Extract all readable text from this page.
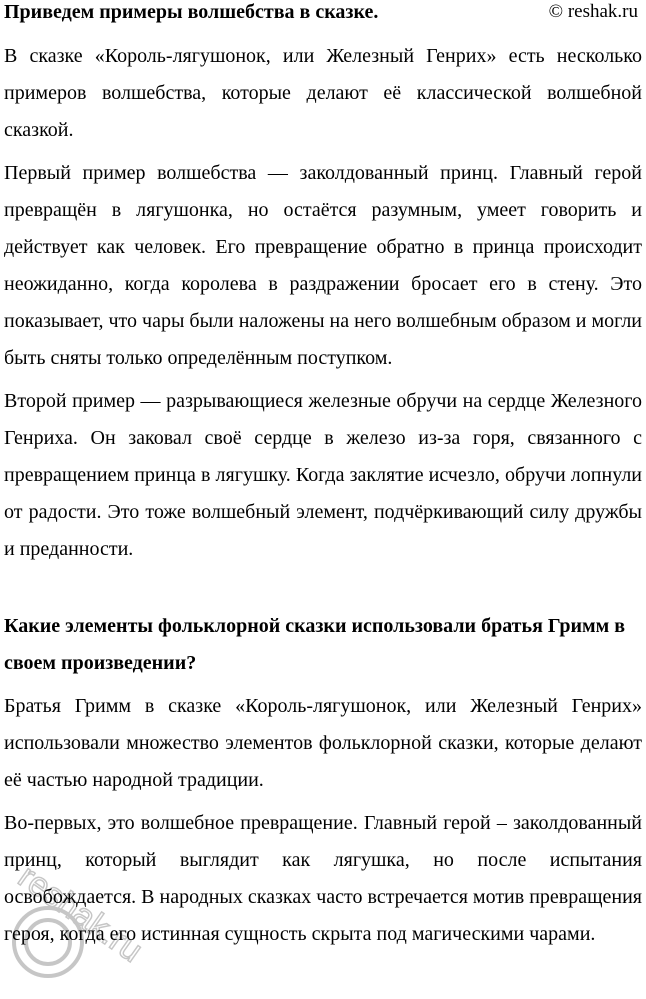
Приведем примеры волшебства в сказке.	© reshak.ru

В сказке «Король-лягушонок, или Железный Генрих» есть несколько примеров волшебства, которые делают её классической волшебной сказкой.

Первый пример волшебства — заколдованный принц. Главный герой превращён в лягушонка, но остаётся разумным, умеет говорить и действует как человек. Его превращение обратно в принца происходит неожиданно, когда королева в раздражении бросает его в стену. Это показывает, что чары были наложены на него волшебным образом и могли быть сняты только определённым поступком.

Второй пример — разрывающиеся железные обручи на сердце Железного Генриха. Он заковал своё сердце в железо из-за горя, связанного с превращением принца в лягушку. Когда заклятие исчезло, обручи лопнули от радости. Это тоже волшебный элемент, подчёркивающий силу дружбы и преданности.

Какие элементы фольклорной сказки использовали братья Гримм в своем произведении?

Братья Гримм в сказке «Король-лягушонок, или Железный Генрих» использовали множество элементов фольклорной сказки, которые делают её частью народной традиции.

Во-первых, это волшебное превращение. Главный герой – заколдованный принц, который выглядит как лягушка, но после испытания освобождается. В народных сказках часто встречается мотив превращения героя, когда его истинная сущность скрыта под магическими чарами.

reshak.ru
